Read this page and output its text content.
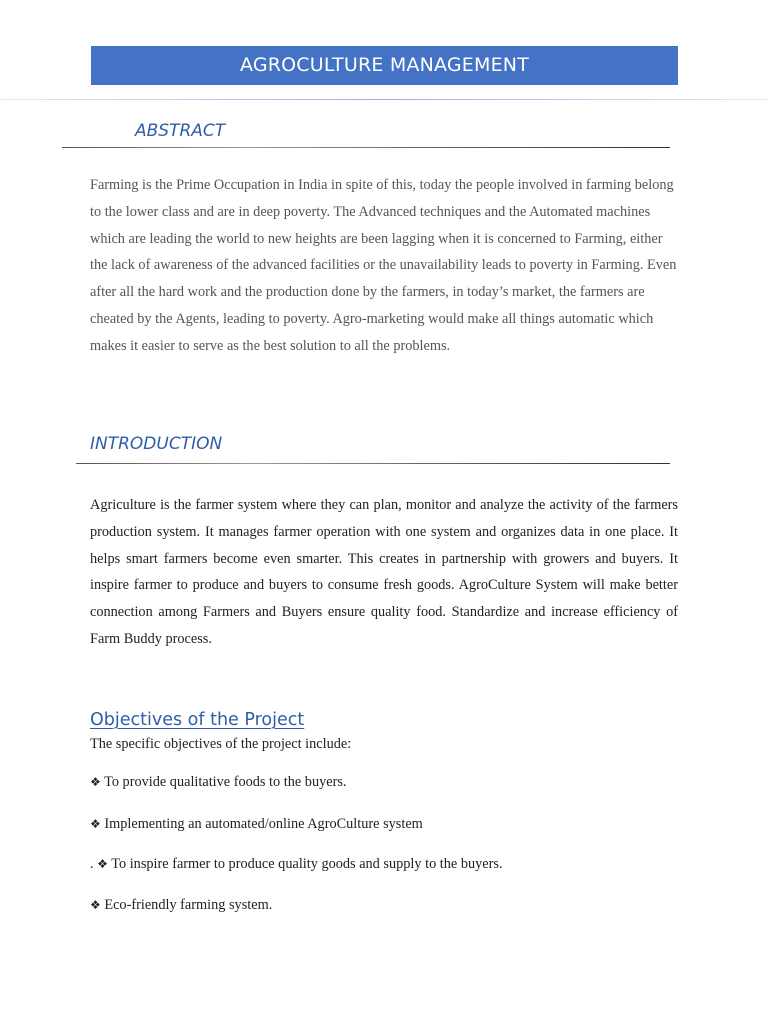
AGROCULTURE MANAGEMENT
ABSTRACT

Farming is the Prime Occupation in India in spite of this, today the people involved in farming belong to the lower class and are in deep poverty. The Advanced techniques and the Automated machines which are leading the world to new heights are been lagging when it is concerned to Farming, either the lack of awareness of the advanced facilities or the unavailability leads to poverty in Farming. Even after all the hard work and the production done by the farmers, in today’s market, the farmers are cheated by the Agents, leading to poverty. Agro-marketing would make all things automatic which makes it easier to serve as the best solution to all the problems.

INTRODUCTION

Agriculture is the farmer system where they can plan, monitor and analyze the activity of the farmers production system. It manages farmer operation with one system and organizes data in one place. It helps smart farmers become even smarter. This creates in partnership with growers and buyers. It inspire farmer to produce and buyers to consume fresh goods. AgroCulture System will make better connection among Farmers and Buyers ensure quality food. Standardize and increase efficiency of Farm Buddy process.

Objectives of the Project
The specific objectives of the project include:
❖ To provide qualitative foods to the buyers.
❖ Implementing an automated/online AgroCulture system
. ❖ To inspire farmer to produce quality goods and supply to the buyers.
❖ Eco-friendly farming system.
